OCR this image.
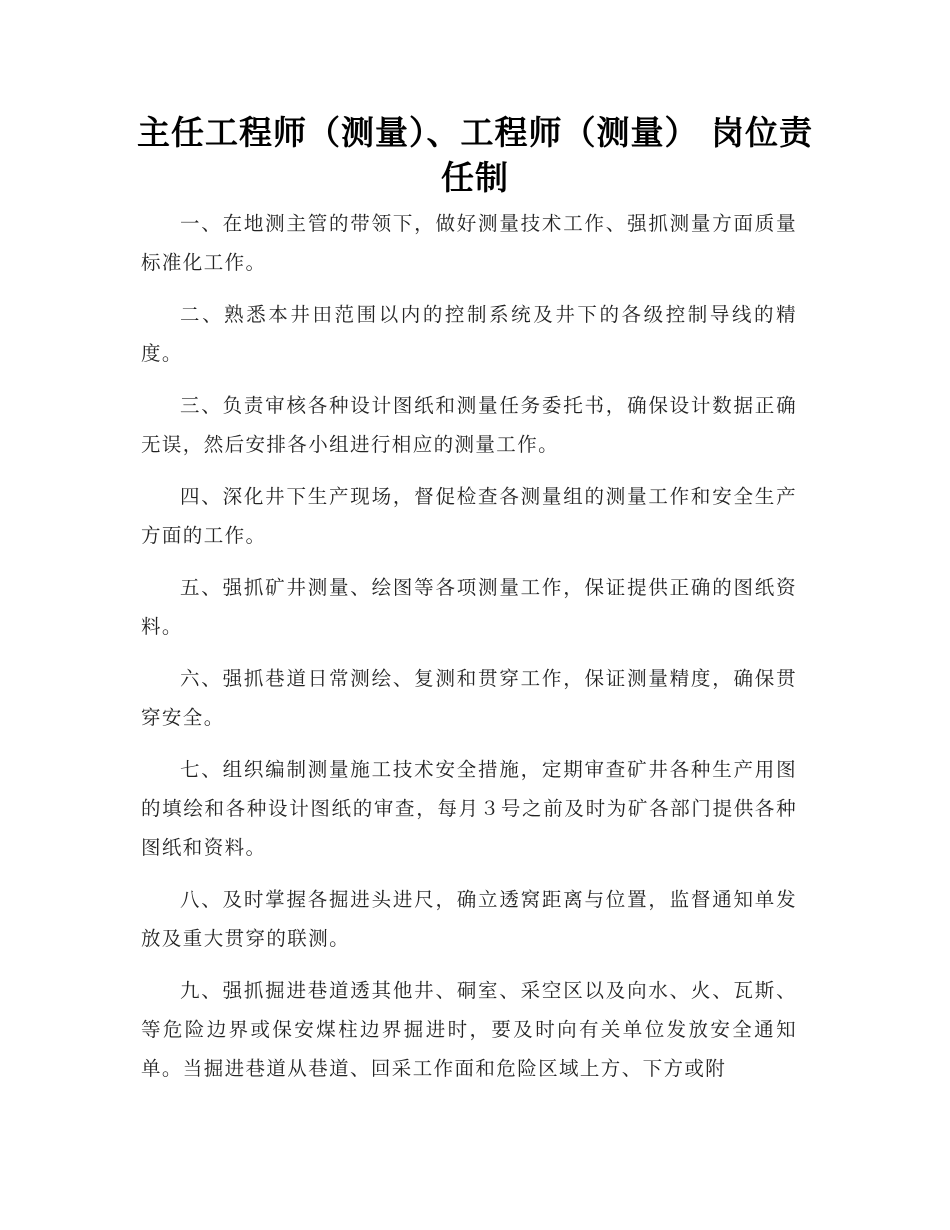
主任工程师（测量）、工程师（测量） 岗位责任制

一、在地测主管的带领下，做好测量技术工作、强抓测量方面质量标准化工作。

二、熟悉本井田范围以内的控制系统及井下的各级控制导线的精度。

三、负责审核各种设计图纸和测量任务委托书，确保设计数据正确无误，然后安排各小组进行相应的测量工作。

四、深化井下生产现场，督促检查各测量组的测量工作和安全生产方面的工作。

五、强抓矿井测量、绘图等各项测量工作，保证提供正确的图纸资料。

六、强抓巷道日常测绘、复测和贯穿工作，保证测量精度，确保贯穿安全。

七、组织编制测量施工技术安全措施，定期审查矿井各种生产用图的填绘和各种设计图纸的审查，每月３号之前及时为矿各部门提供各种图纸和资料。

八、及时掌握各掘进头进尺，确立透窝距离与位置，监督通知单发放及重大贯穿的联测。

九、强抓掘进巷道透其他井、硐室、采空区以及向水、火、瓦斯、等危险边界或保安煤柱边界掘进时，要及时向有关单位发放安全通知单。当掘进巷道从巷道、回采工作面和危险区域上方、下方或附
